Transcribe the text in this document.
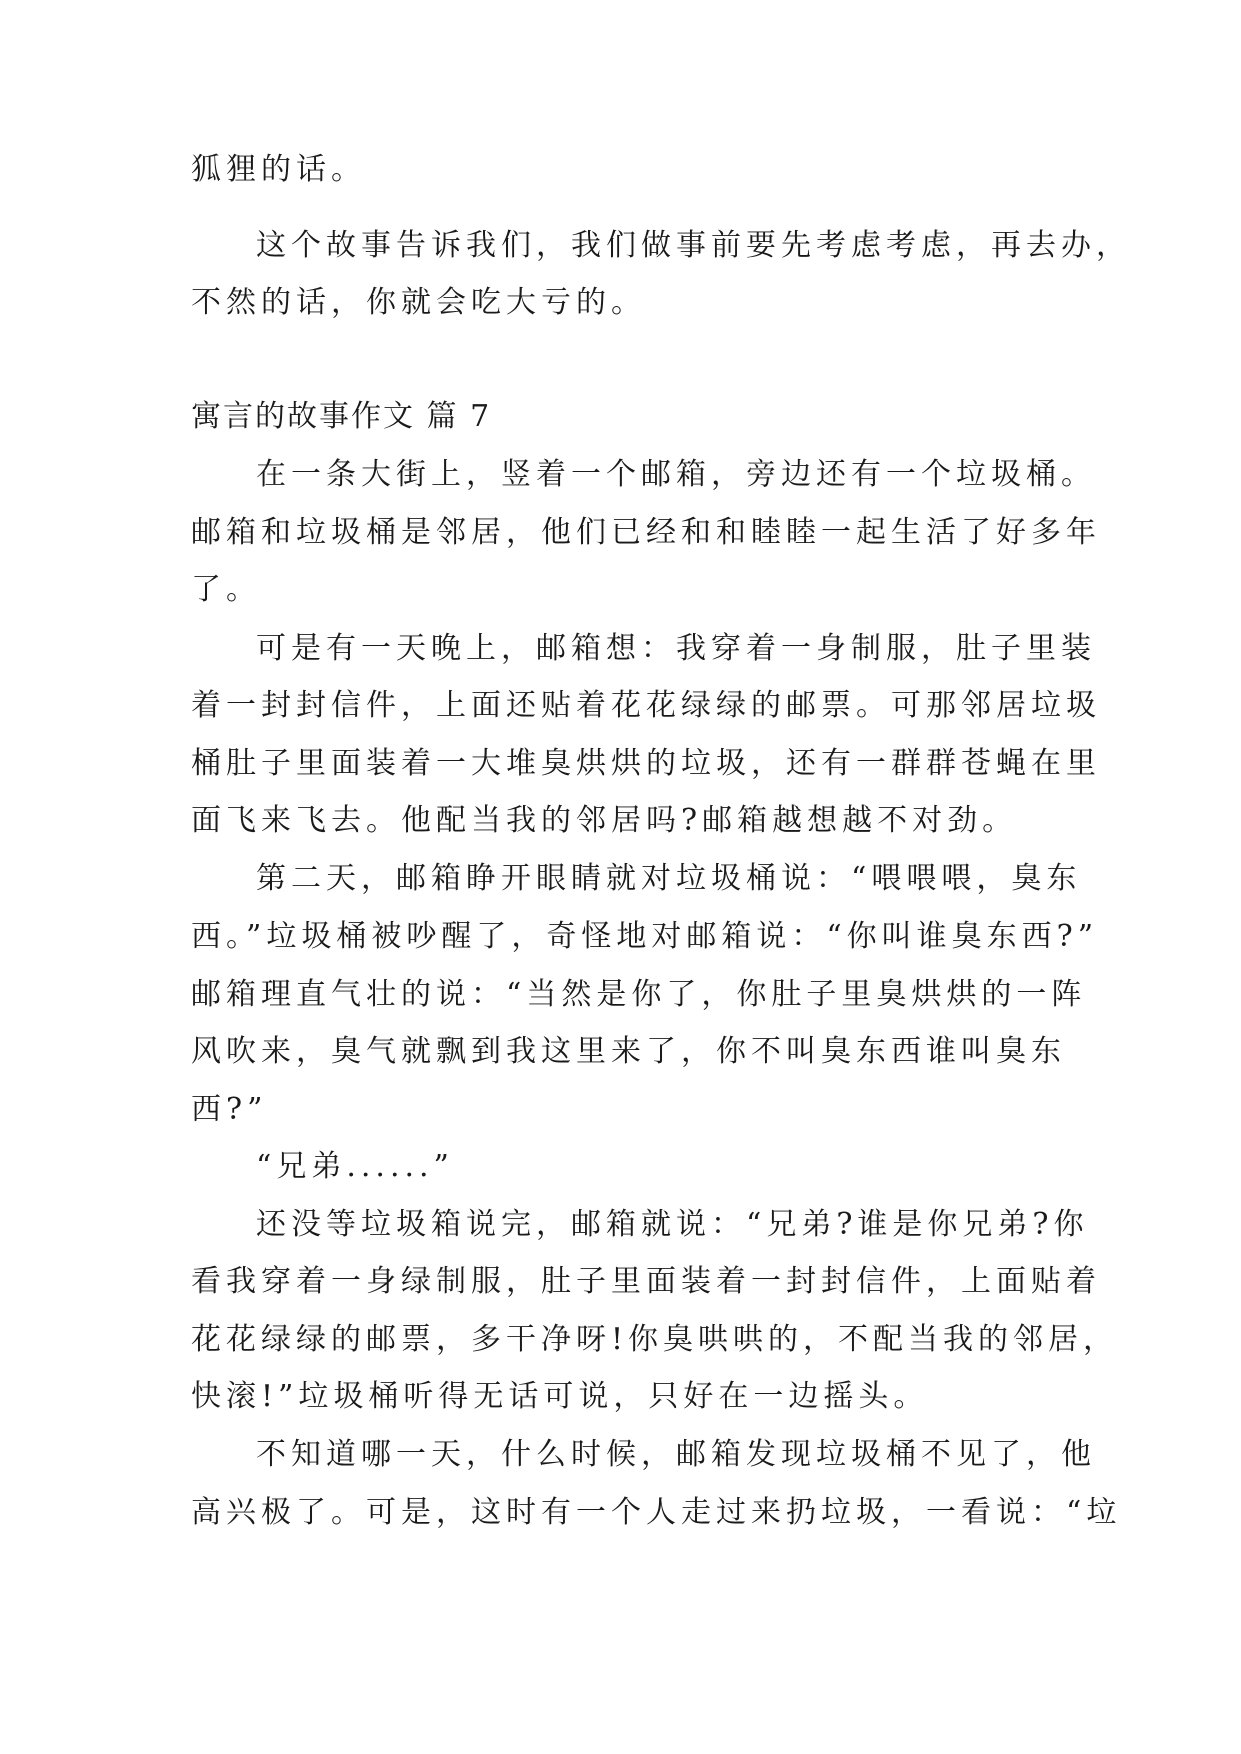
狐狸的话。

这个故事告诉我们，我们做事前要先考虑考虑，再去办，

不然的话，你就会吃大亏的。

寓言的故事作文 篇 7

在一条大街上，竖着一个邮箱，旁边还有一个垃圾桶。

邮箱和垃圾桶是邻居，他们已经和和睦睦一起生活了好多年

了。

可是有一天晚上，邮箱想：我穿着一身制服，肚子里装

着一封封信件，上面还贴着花花绿绿的邮票。可那邻居垃圾

桶肚子里面装着一大堆臭烘烘的垃圾，还有一群群苍蝇在里

面飞来飞去。他配当我的邻居吗?邮箱越想越不对劲。

第二天，邮箱睁开眼睛就对垃圾桶说：“喂喂喂，臭东

西。”垃圾桶被吵醒了，奇怪地对邮箱说：“你叫谁臭东西?”

邮箱理直气壮的说：“当然是你了，你肚子里臭烘烘的一阵

风吹来，臭气就飘到我这里来了，你不叫臭东西谁叫臭东

西?”

“兄弟......”

还没等垃圾箱说完，邮箱就说：“兄弟?谁是你兄弟?你

看我穿着一身绿制服，肚子里面装着一封封信件，上面贴着

花花绿绿的邮票，多干净呀!你臭哄哄的，不配当我的邻居，

快滚!”垃圾桶听得无话可说，只好在一边摇头。

不知道哪一天，什么时候，邮箱发现垃圾桶不见了，他

高兴极了。可是，这时有一个人走过来扔垃圾，一看说：“垃
